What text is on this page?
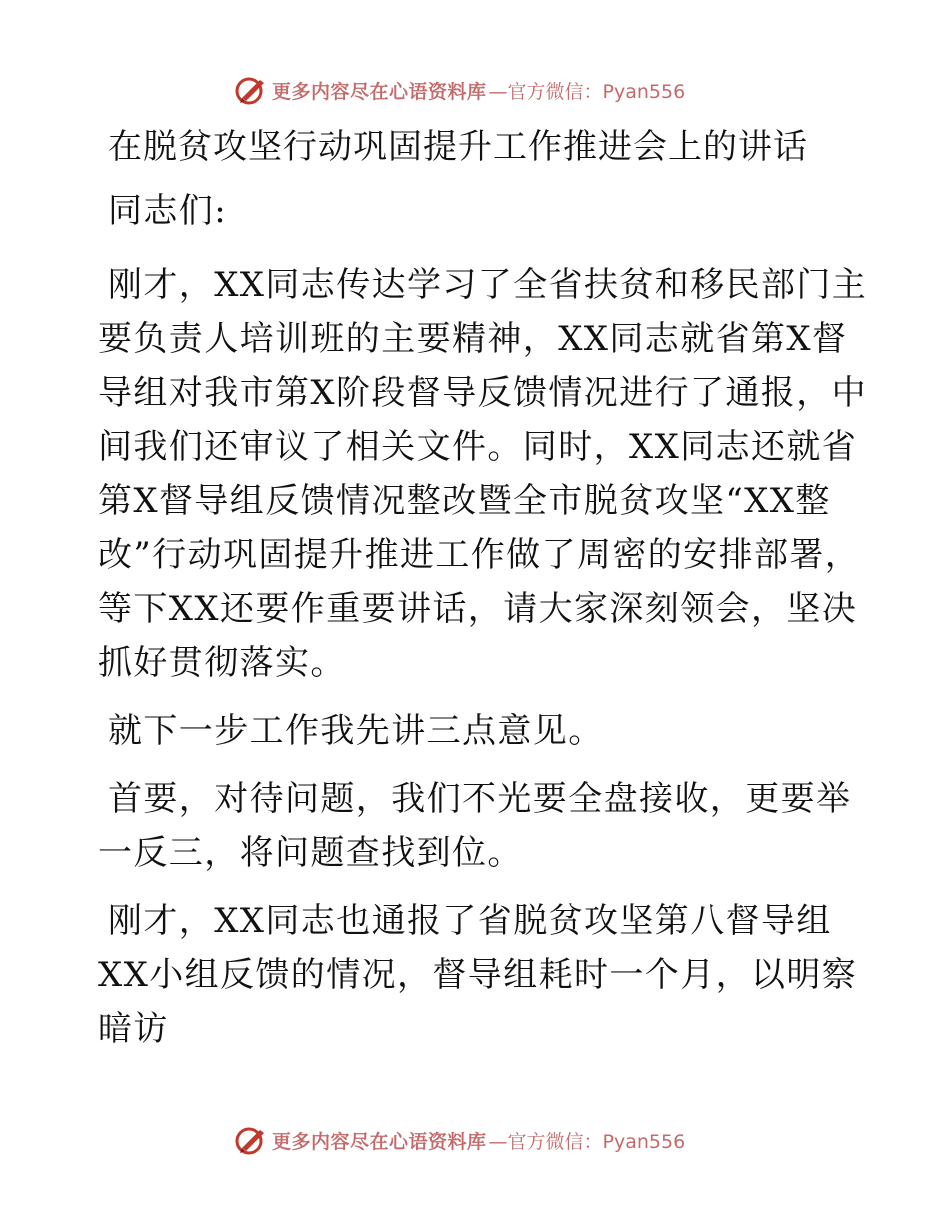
更多内容尽在心语资料库 —官方微信：Pyan556
在脱贫攻坚行动巩固提升工作推进会上的讲话

同志们:

刚才，XX同志传达学习了全省扶贫和移民部门主要负责人培训班的主要精神，XX同志就省第X督导组对我市第X阶段督导反馈情况进行了通报，中间我们还审议了相关文件。同时，XX同志还就省第X督导组反馈情况整改暨全市脱贫攻坚“XX整改”行动巩固提升推进工作做了周密的安排部署，等下XX还要作重要讲话，请大家深刻领会，坚决抓好贯彻落实。

就下一步工作我先讲三点意见。

首要，对待问题，我们不光要全盘接收，更要举一反三，将问题查找到位。

刚才，XX同志也通报了省脱贫攻坚第八督导组XX小组反馈的情况，督导组耗时一个月，以明察暗访

更多内容尽在心语资料库 —官方微信：Pyan556
